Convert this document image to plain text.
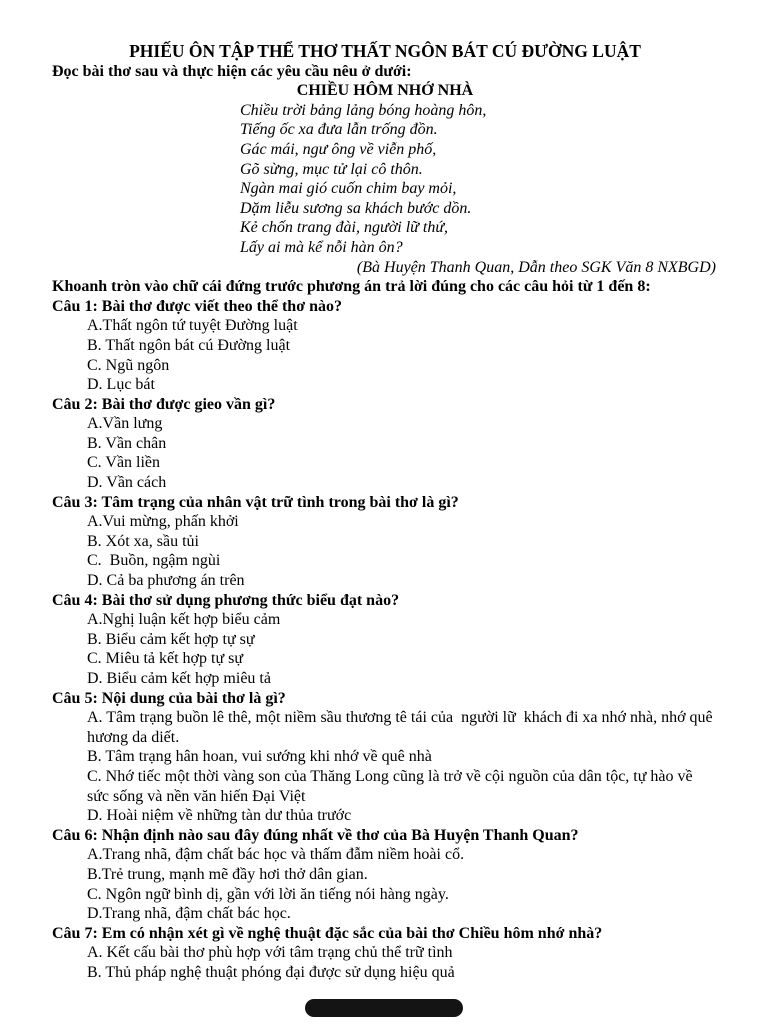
PHIẾU ÔN TẬP THỂ THƠ THẤT NGÔN BÁT CÚ ĐƯỜNG LUẬT
Đọc bài thơ sau và thực hiện các yêu cầu nêu ở dưới:
CHIỀU HÔM NHỚ NHÀ
Chiều trời bảng lảng bóng hoàng hôn,
Tiếng ốc xa đưa lẫn trống đồn.
Gác mái, ngư ông về viễn phố,
Gõ sừng, mục tử lại cô thôn.
Ngàn mai gió cuốn chim bay mỏi,
Dặm liễu sương sa khách bước dồn.
Kẻ chốn trang đài, người lữ thứ,
Lấy ai mà kể nỗi hàn ôn?
(Bà Huyện Thanh Quan, Dẫn theo SGK Văn 8 NXBGD)
Khoanh tròn vào chữ cái đứng trước phương án trả lời đúng cho các câu hỏi từ 1 đến 8:
Câu 1: Bài thơ được viết theo thể thơ nào?
A.Thất ngôn tứ tuyệt Đường luật
B. Thất ngôn bát cú Đường luật
C. Ngũ ngôn
D. Lục bát
Câu 2: Bài thơ được gieo vần gì?
A.Vần lưng
B. Vần chân
C. Vần liền
D. Vần cách
Câu 3: Tâm trạng của nhân vật trữ tình trong bài thơ là gì?
A.Vui mừng, phấn khởi
B. Xót xa, sầu tủi
C.  Buồn, ngậm ngùi
D. Cả ba phương án trên
Câu 4: Bài thơ sử dụng phương thức biểu đạt nào?
A.Nghị luận kết hợp biểu cảm
B. Biểu cảm kết hợp tự sự
C. Miêu tả kết hợp tự sự
D. Biểu cảm kết hợp miêu tả
Câu 5: Nội dung của bài thơ là gì?
A. Tâm trạng buồn lê thê, một niềm sầu thương tê tái của  người lữ  khách đi xa nhớ nhà, nhớ quê hương da diết.
B. Tâm trạng hân hoan, vui sướng khi nhớ về quê nhà
C. Nhớ tiếc một thời vàng son của Thăng Long cũng là trở về cội nguồn của dân tộc, tự hào về sức sống và nền văn hiến Đại Việt
D. Hoài niệm về những tàn dư thủa trước
Câu 6: Nhận định nào sau đây đúng nhất về thơ của Bà Huyện Thanh Quan?
A.Trang nhã, đậm chất bác học và thấm đẫm niềm hoài cổ.
B.Trẻ trung, mạnh mẽ đầy hơi thở dân gian.
C. Ngôn ngữ bình dị, gần với lời ăn tiếng nói hàng ngày.
D.Trang nhã, đậm chất bác học.
Câu 7: Em có nhận xét gì về nghệ thuật đặc sắc của bài thơ Chiều hôm nhớ nhà?
A. Kết cấu bài thơ phù hợp với tâm trạng chủ thể trữ tình
B. Thủ pháp nghệ thuật phóng đại được sử dụng hiệu quả
